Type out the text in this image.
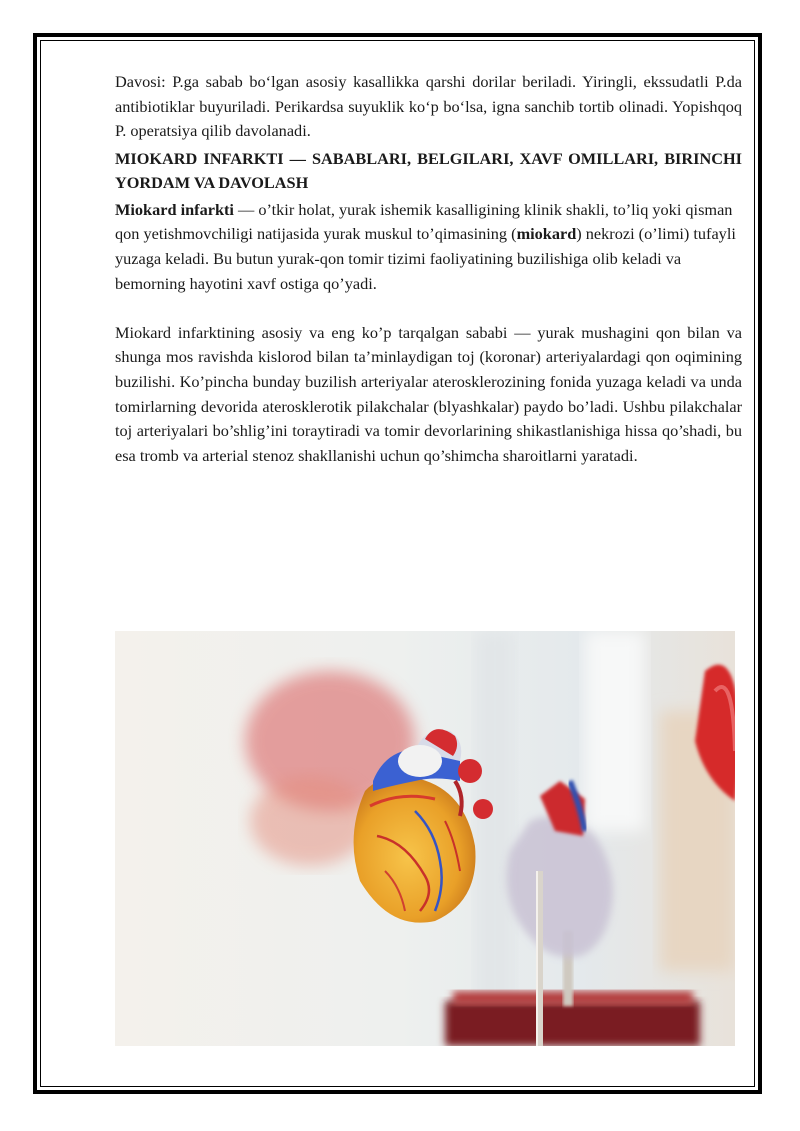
Davosi: P.ga sabab bo‘lgan asosiy kasallikka qarshi dorilar beriladi. Yiringli, ekssudatli P.da antibiotiklar buyuriladi. Perikardsa suyuklik ko‘p bo‘lsa, igna sanchib tortib olinadi. Yopishqoq P. operatsiya qilib davolanadi.

MIOKARD INFARKTI — SABABLARI, BELGILARI, XAVF OMILLARI, BIRINCHI YORDAM VA DAVOLASH

Miokard infarkti — o’tkir holat, yurak ishemik kasalligining klinik shakli, to’liq yoki qisman qon yetishmovchiligi natijasida yurak muskul to’qimasining (miokard) nekrozi (o’limi) tufayli yuzaga keladi. Bu butun yurak-qon tomir tizimi faoliyatining buzilishiga olib keladi va bemorning hayotini xavf ostiga qo’yadi.

Miokard infarktining asosiy va eng ko’p tarqalgan sababi — yurak mushagini qon bilan va shunga mos ravishda kislorod bilan ta’minlaydigan toj (koronar) arteriyalardagi qon oqimining buzilishi. Ko’pincha bunday buzilish arteriyalar aterosklerozining fonida yuzaga keladi va unda tomirlarning devorida aterosklerotik pilakchalar (blyashkalar) paydo bo’ladi. Ushbu pilakchalar toj arteriyalari bo’shlig’ini toraytiradi va tomir devorlarining shikastlanishiga hissa qo’shadi, bu esa tromb va arterial stenoz shakllanishi uchun qo’shimcha sharoitlarni yaratadi.
